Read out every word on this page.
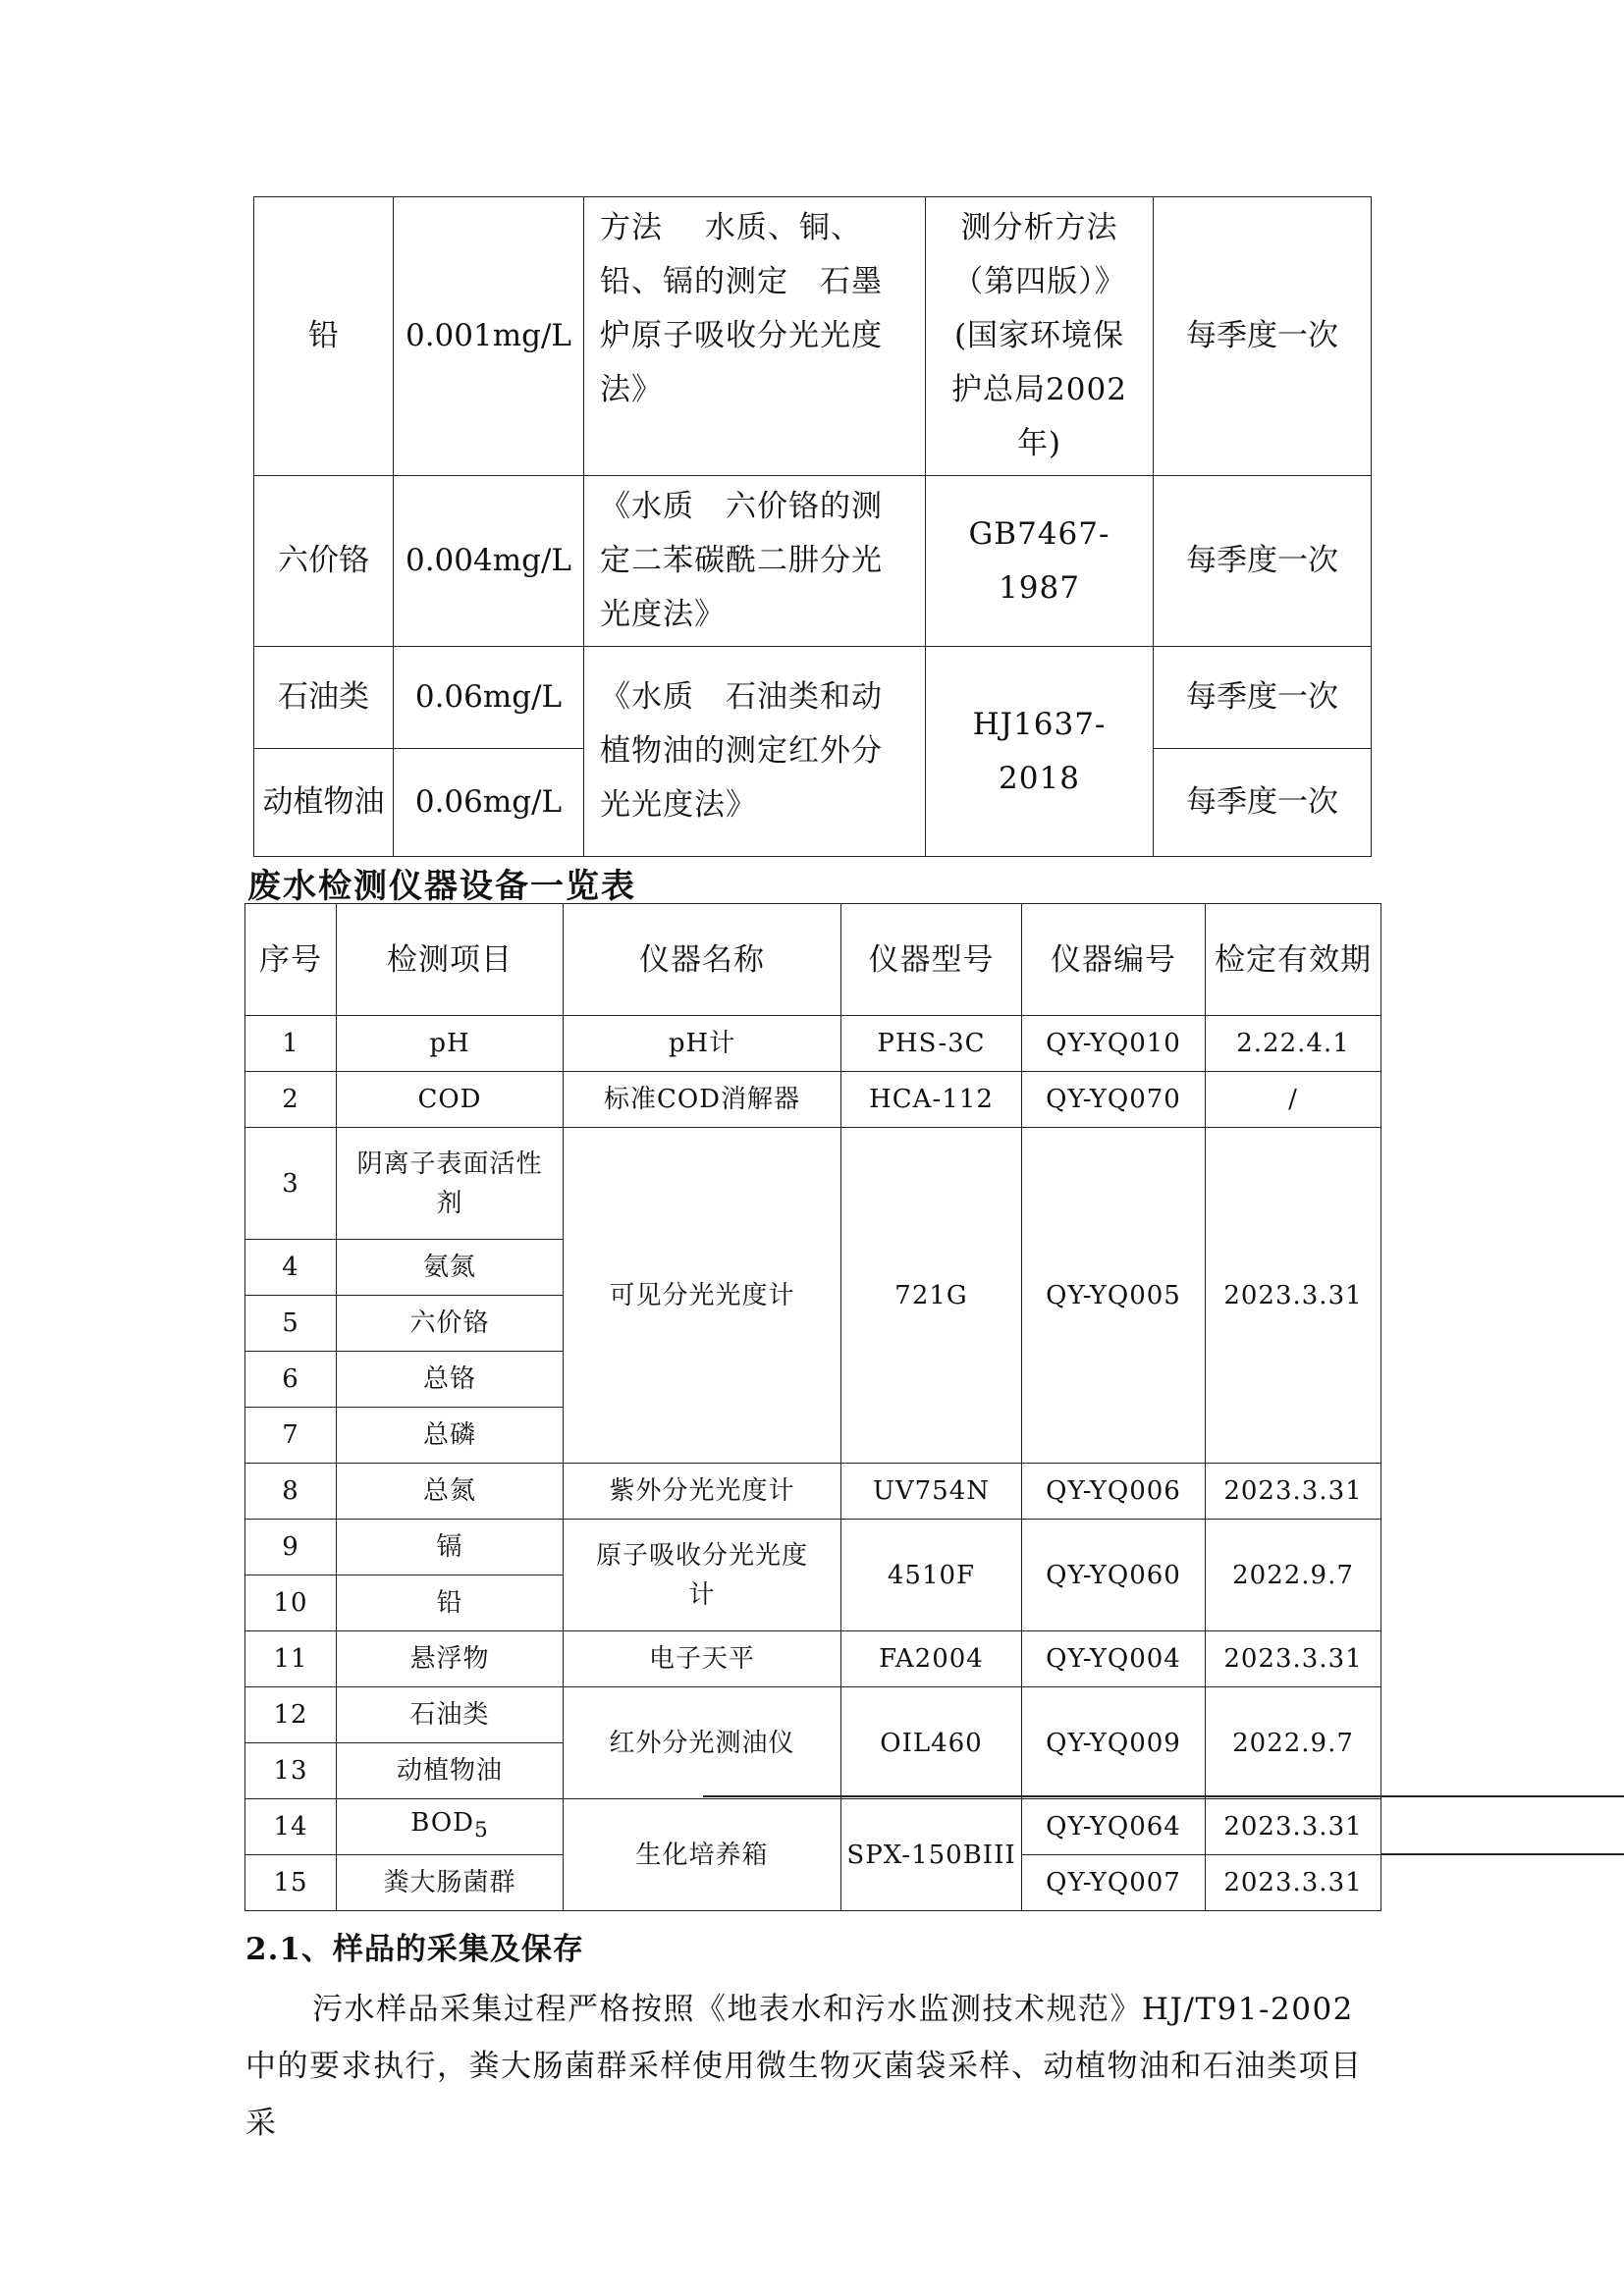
铅	0.001mg/L	方法　 水质、铜、铅、镉的测定　石墨炉原子吸收分光光度法》	测分析方法（第四版）》(国家环境保护总局2002年)	每季度一次
六价铬	0.004mg/L	《水质　六价铬的测定二苯碳酰二肼分光光度法》	GB7467-1987	每季度一次
石油类	0.06mg/L	《水质　石油类和动植物油的测定红外分光光度法》	HJ1637-2018	每季度一次
动植物油	0.06mg/L			每季度一次
废水检测仪器设备一览表
序号	检测项目	仪器名称	仪器型号	仪器编号	检定有效期
1	pH	pH计	PHS-3C	QY-YQ010	2.22.4.1
2	COD	标准COD消解器	HCA-112	QY-YQ070	/
3	阴离子表面活性剂	可见分光光度计	721G	QY-YQ005	2023.3.31
4	氨氮				
5	六价铬				
6	总铬				
7	总磷				
8	总氮	紫外分光光度计	UV754N	QY-YQ006	2023.3.31
9	镉	原子吸收分光光度计	4510F	QY-YQ060	2022.9.7
10	铅				
11	悬浮物	电子天平	FA2004	QY-YQ004	2023.3.31
12	石油类	红外分光测油仪	OIL460	QY-YQ009	2022.9.7
13	动植物油				
14	$BOD_5$	生化培养箱	SPX-150BIII	QY-YQ064	2023.3.31
15	粪大肠菌群			QY-YQ007	2023.3.31
2.1、样品的采集及保存
污水样品采集过程严格按照《地表水和污水监测技术规范》HJ/T91-2002中的要求执行，粪大肠菌群采样使用微生物灭菌袋采样、动植物油和石油类项目采
